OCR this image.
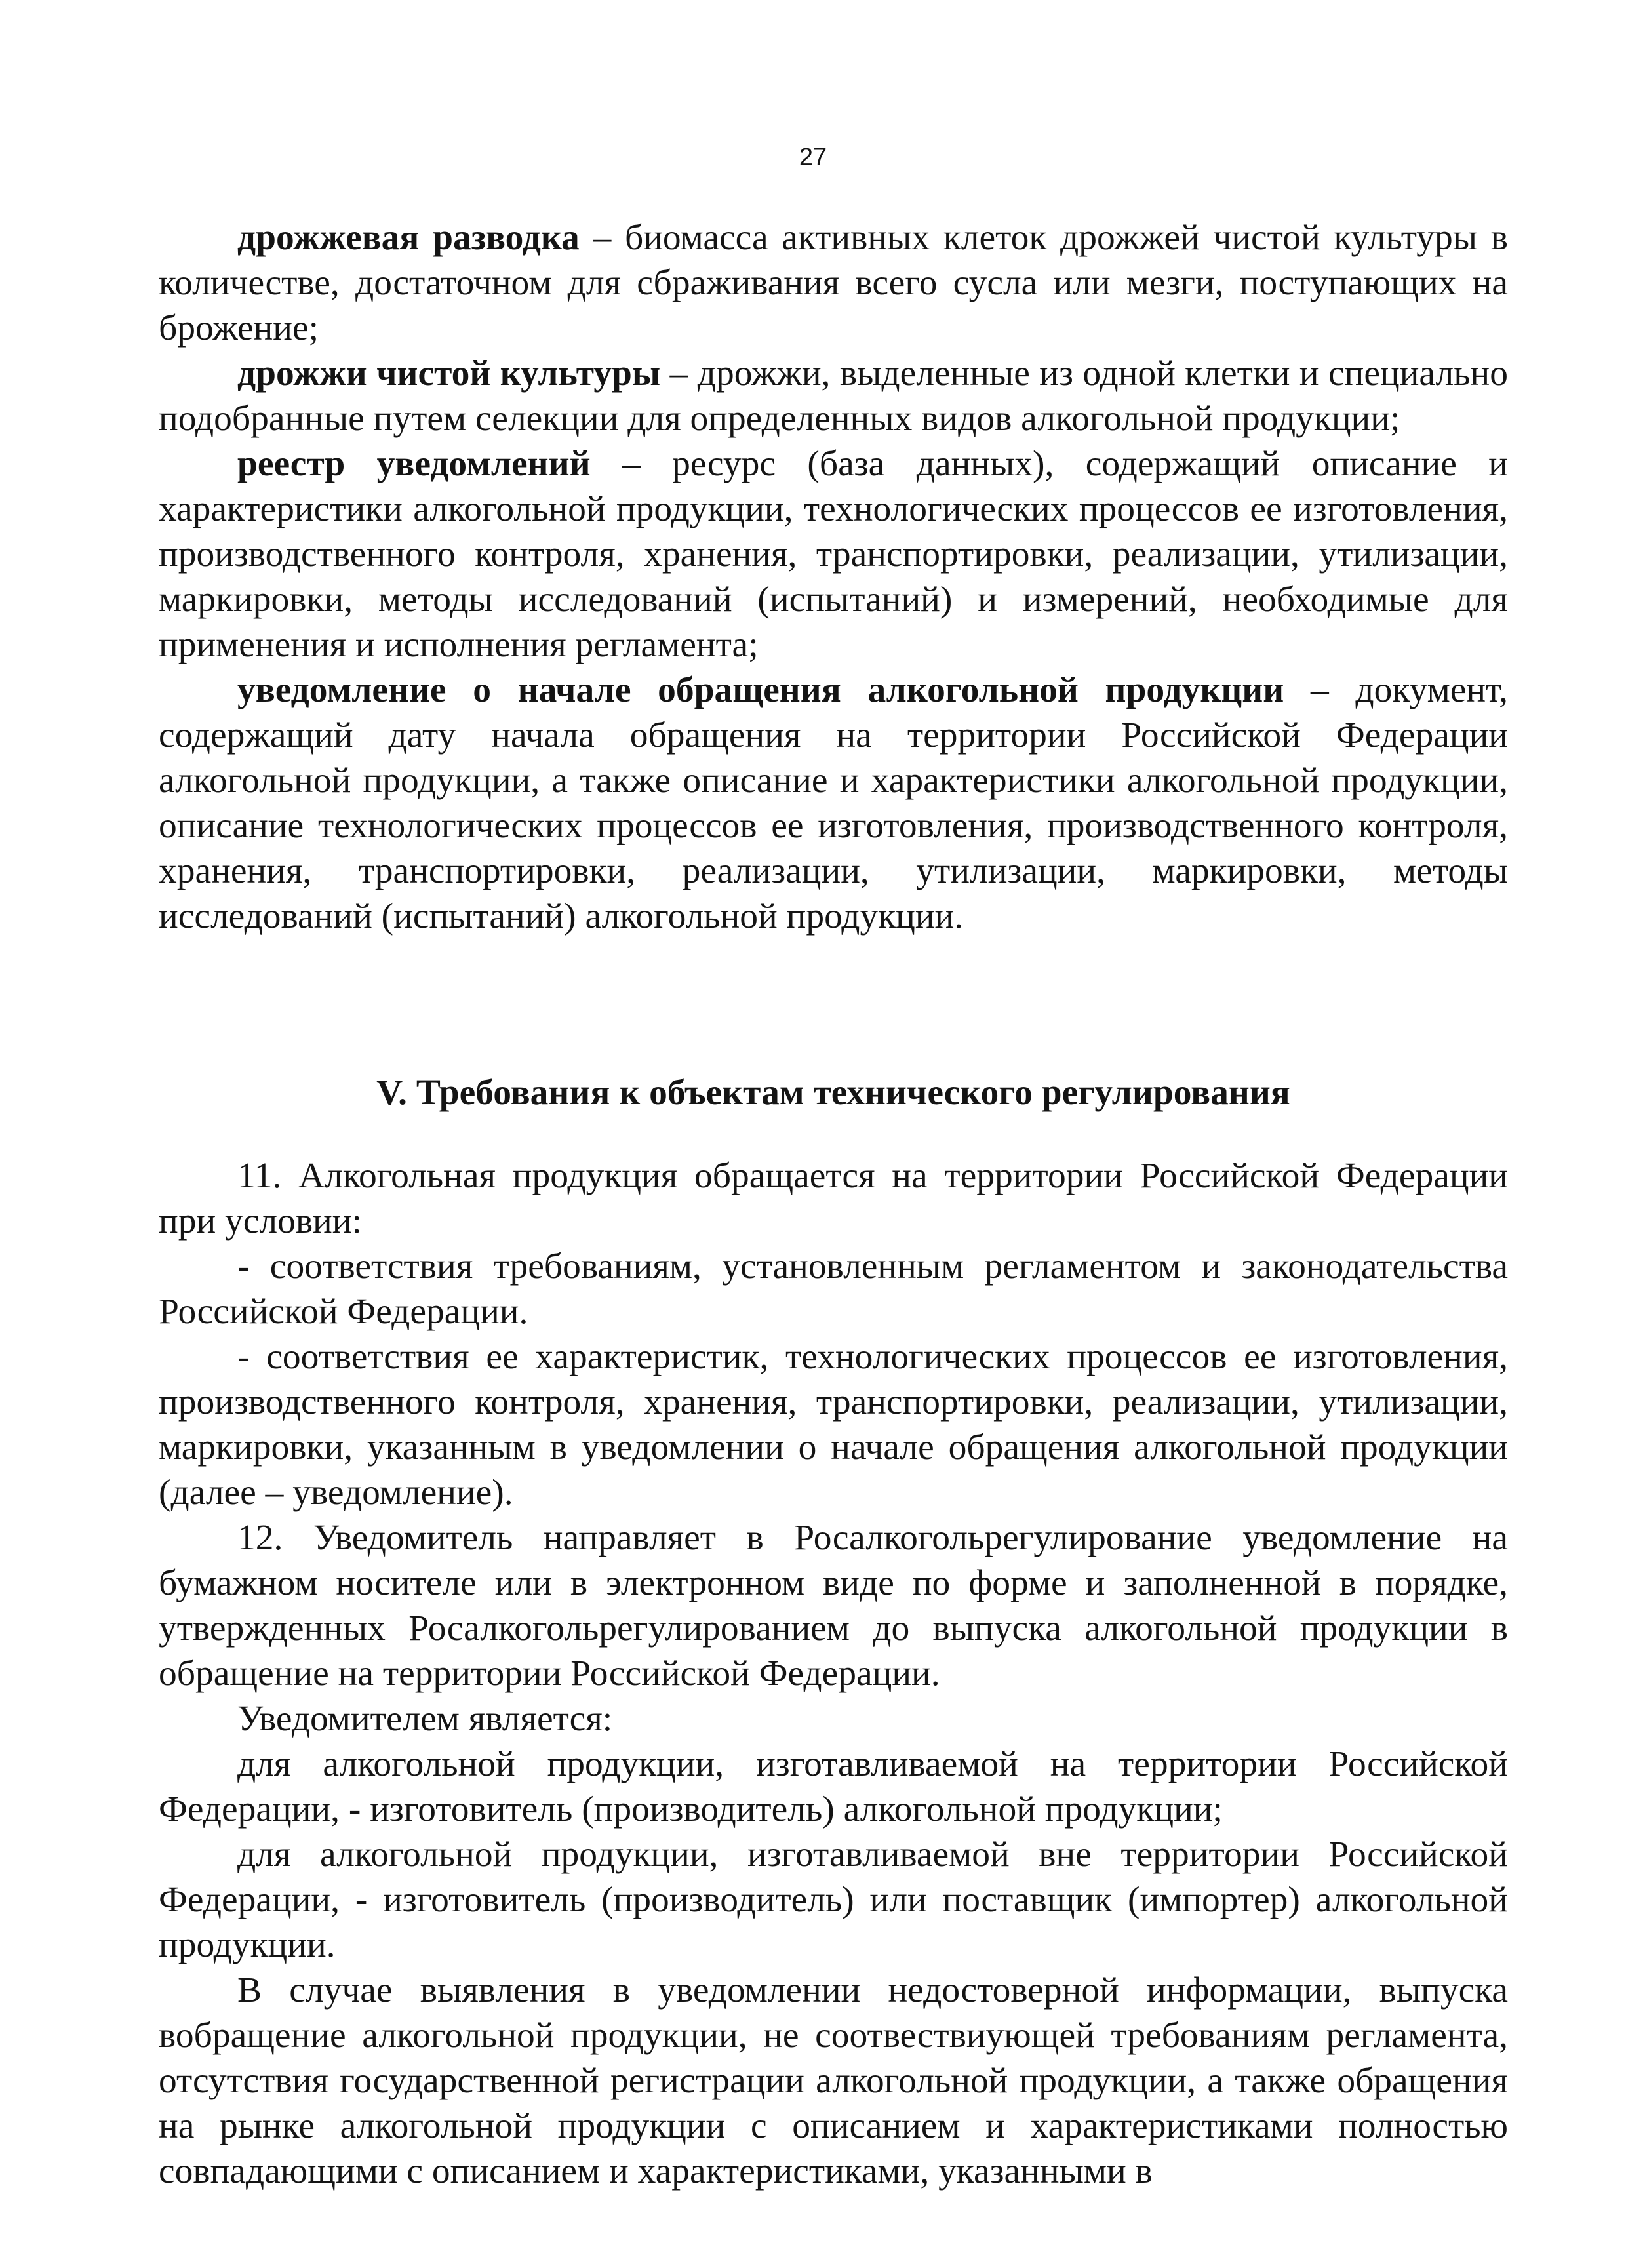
27

дрожжевая разводка – биомасса активных клеток дрожжей чистой культуры в количестве, достаточном для сбраживания всего сусла или мезги, поступающих на брожение;

дрожжи чистой культуры – дрожжи, выделенные из одной клетки и специально подобранные путем селекции для определенных видов алкогольной продукции;

реестр уведомлений – ресурс (база данных), содержащий описание и характеристики алкогольной продукции, технологических процессов ее изготовления, производственного контроля, хранения, транспортировки, реализации, утилизации, маркировки, методы исследований (испытаний) и измерений, необходимые для применения и исполнения регламента;

уведомление о начале обращения алкогольной продукции – документ, содержащий дату начала обращения на территории Российской Федерации алкогольной продукции, а также описание и характеристики алкогольной продукции, описание технологических процессов ее изготовления, производственного контроля, хранения, транспортировки, реализации, утилизации, маркировки, методы исследований (испытаний) алкогольной продукции.

V. Требования к объектам технического регулирования

11. Алкогольная продукция обращается на территории Российской Федерации при условии:

- соответствия требованиям, установленным регламентом и законодательства Российской Федерации.

- соответствия ее характеристик, технологических процессов ее изготовления, производственного контроля, хранения, транспортировки, реализации, утилизации, маркировки, указанным в уведомлении о начале обращения алкогольной продукции (далее – уведомление).

12. Уведомитель направляет в Росалкогольрегулирование уведомление на бумажном носителе или в электронном виде по форме и заполненной в порядке, утвержденных Росалкогольрегулированием до выпуска алкогольной продукции в обращение на территории Российской Федерации.

Уведомителем является:

для алкогольной продукции, изготавливаемой на территории Российской Федерации, - изготовитель (производитель) алкогольной продукции;

для алкогольной продукции, изготавливаемой вне территории Российской Федерации, - изготовитель (производитель) или поставщик (импортер) алкогольной продукции.

В случае выявления в уведомлении недостоверной информации, выпуска вобращение алкогольной продукции, не соотвествиующей требованиям регламента, отсутствия государственной регистрации алкогольной продукции, а также обращения на рынке алкогольной продукции с описанием и характеристиками полностью совпадающими с описанием и характеристиками, указанными в
